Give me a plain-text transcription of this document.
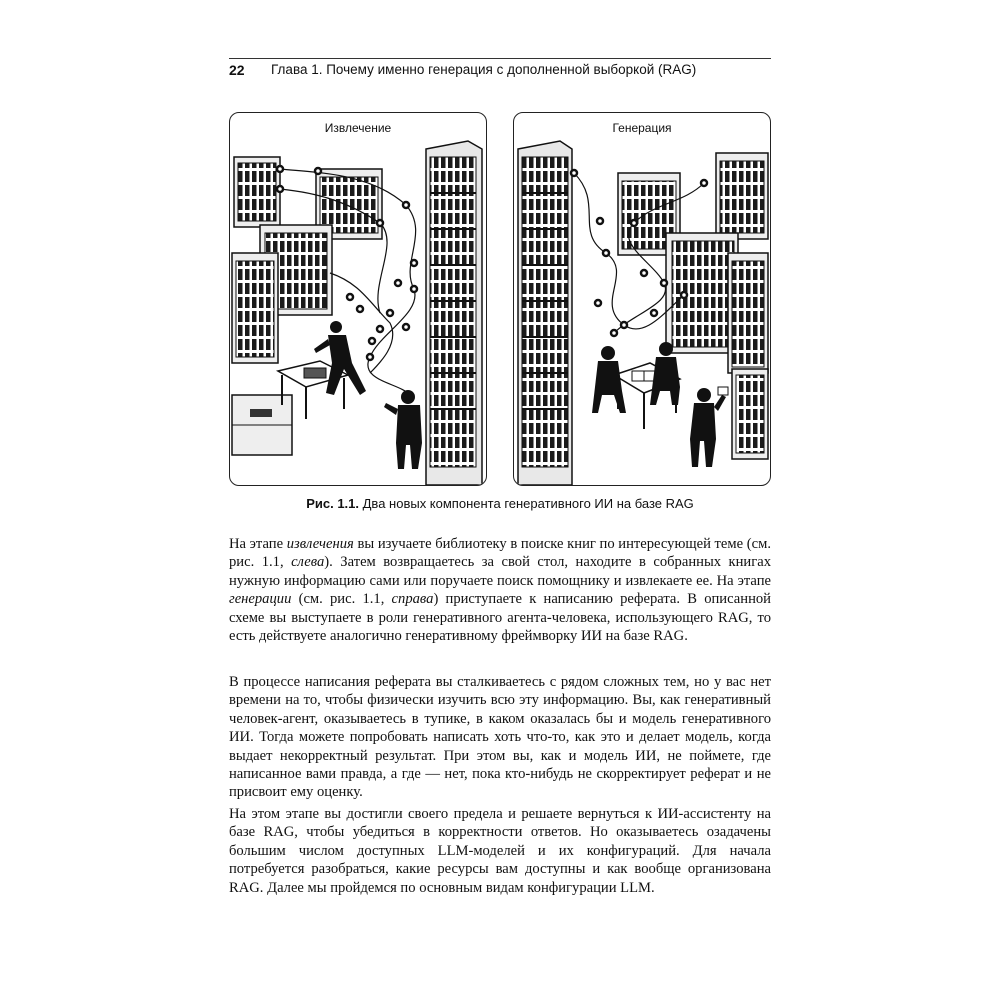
22 Глава 1. Почему именно генерация с дополненной выборкой (RAG)
Извлечение	Генерация
Рис. 1.1. Два новых компонента генеративного ИИ на базе RAG

На этапе извлечения вы изучаете библиотеку в поиске книг по интересующей теме (см. рис. 1.1, слева). Затем возвращаетесь за свой стол, находите в собранных книгах нужную информацию сами или поручаете поиск помощнику и извлекаете ее. На этапе генерации (см. рис. 1.1, справа) приступаете к написанию реферата. В описанной схеме вы выступаете в роли генеративного агента-человека, использующего RAG, то есть действуете аналогично генеративному фреймворку ИИ на базе RAG.

В процессе написания реферата вы сталкиваетесь с рядом сложных тем, но у вас нет времени на то, чтобы физически изучить всю эту информацию. Вы, как генеративный человек-агент, оказываетесь в тупике, в каком оказалась бы и модель генеративного ИИ. Тогда можете попробовать написать хоть что-то, как это и делает модель, когда выдает некорректный результат. При этом вы, как и модель ИИ, не поймете, где написанное вами правда, а где — нет, пока кто-нибудь не скорректирует реферат и не присвоит ему оценку.

На этом этапе вы достигли своего предела и решаете вернуться к ИИ-ассистенту на базе RAG, чтобы убедиться в корректности ответов. Но оказываетесь озадачены большим числом доступных LLM-моделей и их конфигураций. Для начала потребуется разобраться, какие ресурсы вам доступны и как вообще организована RAG. Далее мы пройдемся по основным видам конфигурации LLM.
